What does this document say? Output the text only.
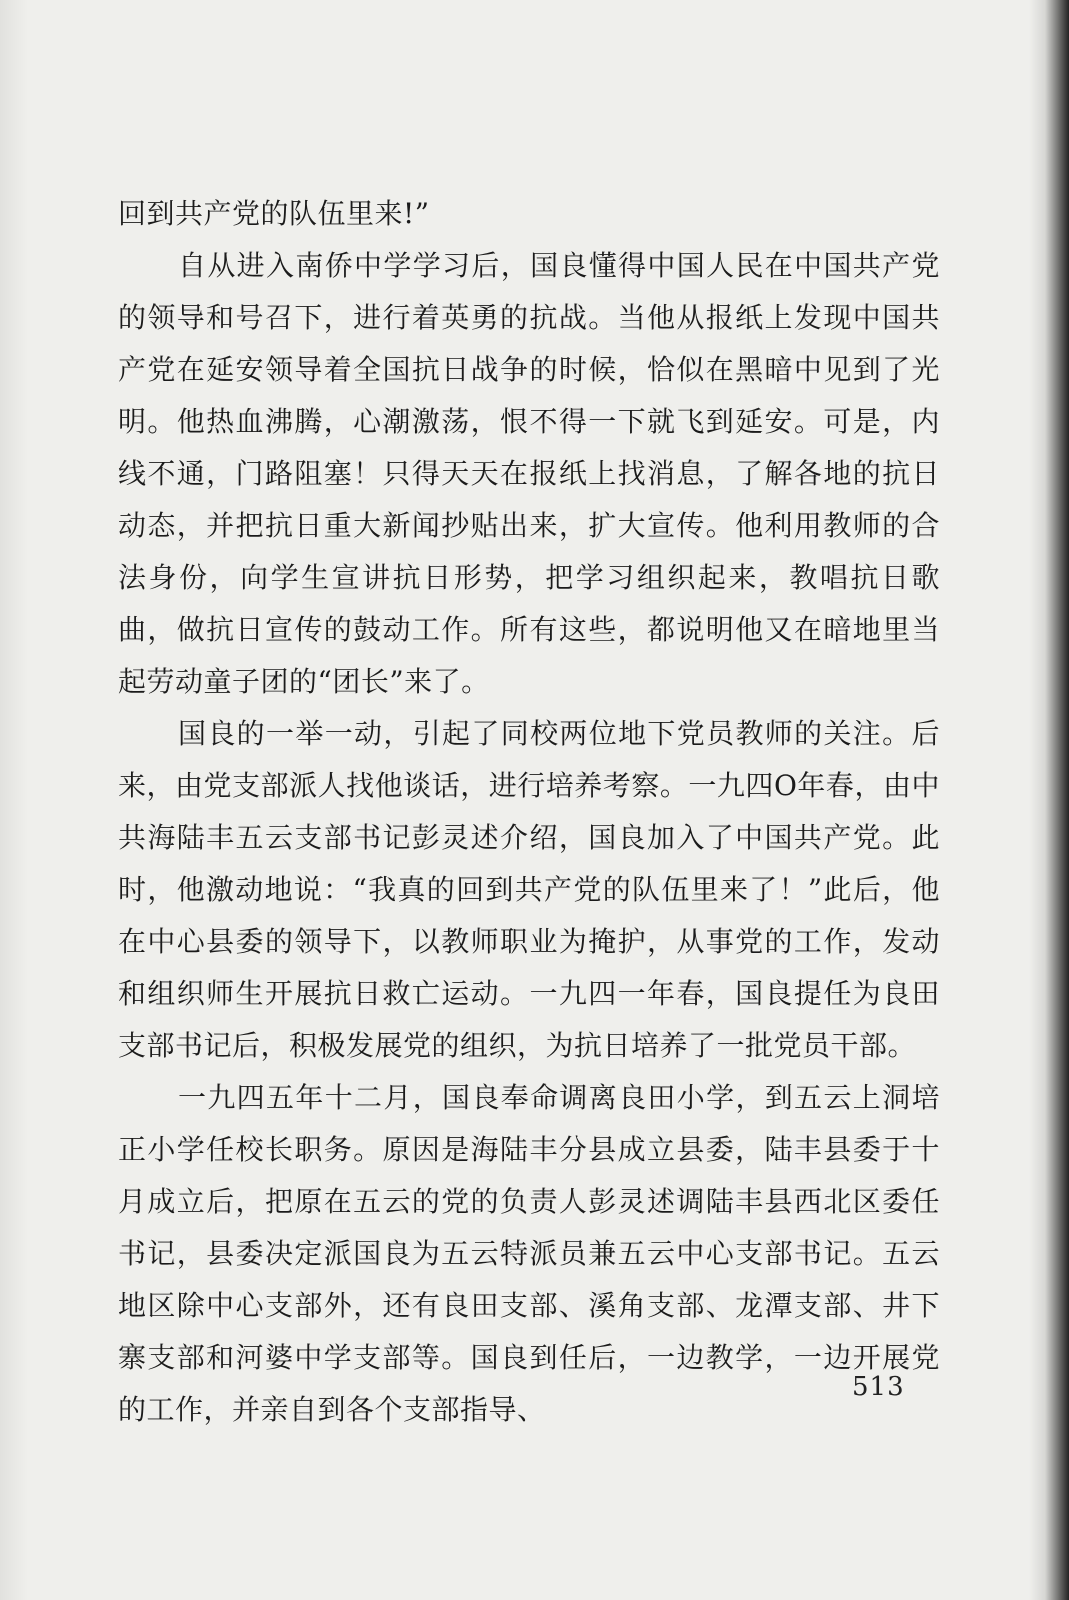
回到共产党的队伍里来!”

自从进入南侨中学学习后，国良懂得中国人民在中国共产党的领导和号召下，进行着英勇的抗战。当他从报纸上发现中国共产党在延安领导着全国抗日战争的时候，恰似在黑暗中见到了光明。他热血沸腾，心潮激荡，恨不得一下就飞到延安。可是，内线不通，门路阻塞！只得天天在报纸上找消息，了解各地的抗日动态，并把抗日重大新闻抄贴出来，扩大宣传。他利用教师的合法身份，向学生宣讲抗日形势，把学习组织起来，教唱抗日歌曲，做抗日宣传的鼓动工作。所有这些，都说明他又在暗地里当起劳动童子团的“团长”来了。

国良的一举一动，引起了同校两位地下党员教师的关注。后来，由党支部派人找他谈话，进行培养考察。一九四O年春，由中共海陆丰五云支部书记彭灵述介绍，国良加入了中国共产党。此时，他激动地说：“我真的回到共产党的队伍里来了！”此后，他在中心县委的领导下，以教师职业为掩护，从事党的工作，发动和组织师生开展抗日救亡运动。一九四一年春，国良提任为良田支部书记后，积极发展党的组织，为抗日培养了一批党员干部。

一九四五年十二月，国良奉命调离良田小学，到五云上洞培正小学任校长职务。原因是海陆丰分县成立县委，陆丰县委于十月成立后，把原在五云的党的负责人彭灵述调陆丰县西北区委任书记，县委决定派国良为五云特派员兼五云中心支部书记。五云地区除中心支部外，还有良田支部、溪角支部、龙潭支部、井下寨支部和河婆中学支部等。国良到任后，一边教学，一边开展党的工作，并亲自到各个支部指导、

513
